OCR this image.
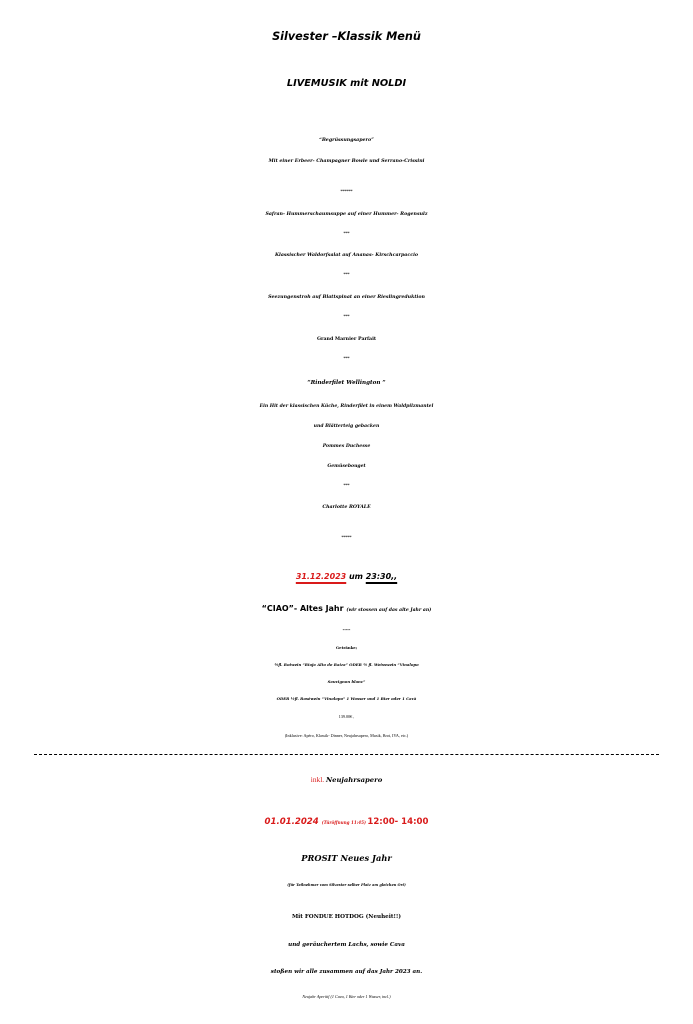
Silvester –Klassik Menü
LIVEMUSIK mit NOLDI
“Begrüssungsapero”
Mit einer Erbeer- Champagner Bowle und Serrano-Crissini
******
Safran- Hummerschaumsuppe auf einer Hummer- Rogensulz
***
Klassischer Waldorfsalat auf Ananas- Kirschcarpaccio
***
Seezungenstroh auf Blattspinat an einer Rieslingreduktion
***
Grand Marnier Parfait
***
“Rinderfilet Wellington ”
Ein Hit der klassischen Küche, Rinderfilet in einem Waldpilzmantel
und Blätterteig gebacken
Pommes Duchesse
Gemüsebouget
***
Charlotte ROYALE
*****
31.12.2023 um 23:30,,
“CIAO”- Altes Jahr (wir stossen auf das alte Jahr an)
*****
Getränke;
½fl. Rotwein “Rioja Alto de Raiza” ODER ½ fl. Weisswein “Vinalopo
Sauvignon blanc”
ODER ½fl. Roséwein “Vinolopo” 1 Wasser und 1 Bier oder 1 Cavà
139.00€ ,
(Inklusive: Apéro, Klassik- Dinner, Neujahrsapero, Musik, Brot, IVA, etc.)
inkl. Neujahrsapero
01.01.2024 (Türöffnung 11:45) 12:00- 14:00
PROSIT Neues Jahr
(für Teilnehmer vom Silvester selber Platz am gleichen Ort)
Mit FONDUE HOTDOG (Neuheit!!)
und geräuchertem Lachs, sowie Cava
stoßen wir alle zusammen auf das Jahr 2023 an.
Neujahr Aperitif (1 Cava, 1 Bier oder 1 Wasser, incl.)
